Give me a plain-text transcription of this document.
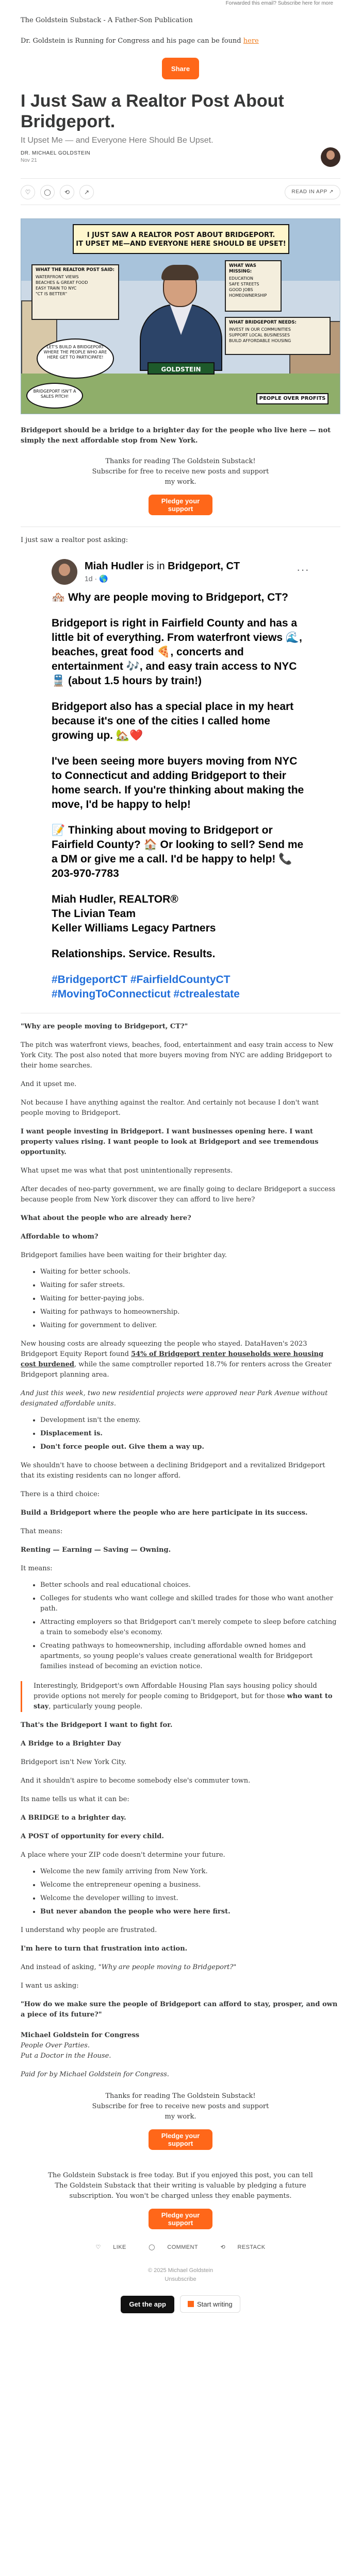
Forwarded this email? Subscribe here for more
The Goldstein Substack - A Father-Son Publication
Dr. Goldstein is Running for Congress and his page can be found here
Share
I Just Saw a Realtor Post About Bridgeport.
It Upset Me — and Everyone Here Should Be Upset.
DR. MICHAEL GOLDSTEIN
Nov 21
♡	◯	⟲	↗	READ IN APP ↗
I JUST SAW A REALTOR POST ABOUT BRIDGEPORT.
IT UPSET ME—AND EVERYONE HERE SHOULD BE UPSET!
WHAT THE REALTOR POST SAID:
WATERFRONT VIEWS
BEACHES & GREAT FOOD
EASY TRAIN TO NYC
"CT IS BETTER"
WHAT WAS MISSING:
EDUCATION
SAFE STREETS
GOOD JOBS
HOMEOWNERSHIP
WHAT BRIDGEPORT NEEDS:
INVEST IN OUR COMMUNITIES
SUPPORT LOCAL BUSINESSES
BUILD AFFORDABLE HOUSING
LET'S BUILD A BRIDGEPORT WHERE THE PEOPLE WHO ARE HERE GET TO PARTICIPATE!
BRIDGEPORT ISN'T A SALES PITCH!
GOLDSTEIN
PEOPLE OVER PROFITS

Bridgeport should be a bridge to a brighter day for the people who live here — not simply the next affordable stop from New York.

Thanks for reading The Goldstein Substack! Subscribe for free to receive new posts and support my work.
Pledge your support

I just saw a realtor post asking:

Miah Hudler is in Bridgeport, CT
1d · 🌎
···
🏘️ Why are people moving to Bridgeport, CT?
Bridgeport is right in Fairfield County and has a little bit of everything. From waterfront views 🌊, beaches, great food 🍕, concerts and entertainment 🎶, and easy train access to NYC 🚆 (about 1.5 hours by train!)
Bridgeport also has a special place in my heart because it's one of the cities I called home growing up. 🏡❤️
I've been seeing more buyers moving from NYC to Connecticut and adding Bridgeport to their home search. If you're thinking about making the move, I'd be happy to help!
📝 Thinking about moving to Bridgeport or Fairfield County? 🏠 Or looking to sell? Send me a DM or give me a call. I'd be happy to help! 📞 203-970-7783
Miah Hudler, REALTOR®
The Livian Team
Keller Williams Legacy Partners
Relationships. Service. Results.
#BridgeportCT #FairfieldCountyCT
#MovingToConnecticut #ctrealestate

"Why are people moving to Bridgeport, CT?"

The pitch was waterfront views, beaches, food, entertainment and easy train access to New York City. The post also noted that more buyers moving from NYC are adding Bridgeport to their home searches.

And it upset me.

Not because I have anything against the realtor. And certainly not because I don't want people moving to Bridgeport.

I want people investing in Bridgeport. I want businesses opening here. I want property values rising. I want people to look at Bridgeport and see tremendous opportunity.

What upset me was what that post unintentionally represents.

After decades of neo-party government, we are finally going to declare Bridgeport a success because people from New York discover they can afford to live here?

What about the people who are already here?

Affordable to whom?

Bridgeport families have been waiting for their brighter day.

• Waiting for better schools.
• Waiting for safer streets.
• Waiting for better-paying jobs.
• Waiting for pathways to homeownership.
• Waiting for government to deliver.

New housing costs are already squeezing the people who stayed. DataHaven's 2023 Bridgeport Equity Report found 54% of Bridgeport renter households were housing cost burdened, while the same comptroller reported 18.7% for renters across the Greater Bridgeport planning area.

And just this week, two new residential projects were approved near Park Avenue without designated affordable units.

• Development isn't the enemy.
• Displacement is.
• Don't force people out. Give them a way up.

We shouldn't have to choose between a declining Bridgeport and a revitalized Bridgeport that its existing residents can no longer afford.

There is a third choice:

Build a Bridgeport where the people who are here participate in its success.

That means:

Renting — Earning — Saving — Owning.

It means:

• Better schools and real educational choices.
• Colleges for students who want college and skilled trades for those who want another path.
• Attracting employers so that Bridgeport can't merely compete to sleep before catching a train to somebody else's economy.
• Creating pathways to homeownership, including affordable owned homes and apartments, so young people's values create generational wealth for Bridgeport families instead of becoming an eviction notice.
Interestingly, Bridgeport's own Affordable Housing Plan says housing policy should provide options not merely for people coming to Bridgeport, but for those who want to stay, particularly young people.

That's the Bridgeport I want to fight for.

A Bridge to a Brighter Day

Bridgeport isn't New York City.

And it shouldn't aspire to become somebody else's commuter town.

Its name tells us what it can be:

A BRIDGE to a brighter day.

A POST of opportunity for every child.

A place where your ZIP code doesn't determine your future.

• Welcome the new family arriving from New York.
• Welcome the entrepreneur opening a business.
• Welcome the developer willing to invest.
• But never abandon the people who were here first.

I understand why people are frustrated.

I'm here to turn that frustration into action.

And instead of asking, "Why are people moving to Bridgeport?"

I want us asking:

"How do we make sure the people of Bridgeport can afford to stay, prosper, and own a piece of its future?"

Michael Goldstein for Congress
People Over Parties.
Put a Doctor in the House.

Paid for by Michael Goldstein for Congress.

Thanks for reading The Goldstein Substack! Subscribe for free to receive new posts and support my work.
Pledge your support
The Goldstein Substack is free today. But if you enjoyed this post, you can tell The Goldstein Substack that their writing is valuable by pledging a future subscription. You won't be charged unless they enable payments.
Pledge your support
♡ LIKE	◯ COMMENT	⟲ RESTACK
© 2025 Michael Goldstein
Unsubscribe
Get the app	Start writing
